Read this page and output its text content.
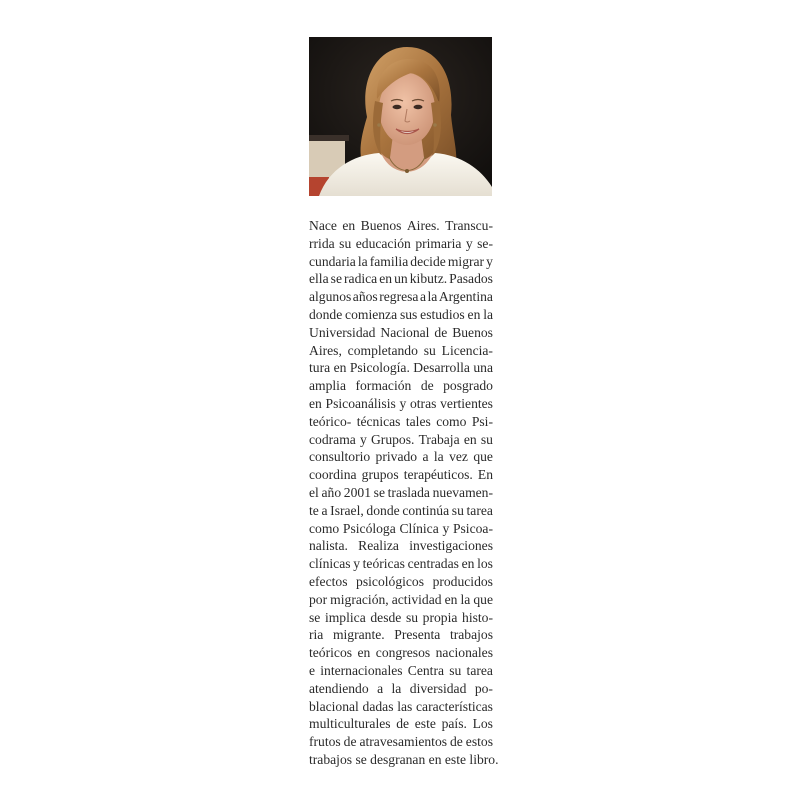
Nace en Buenos Aires. Transcu-
rrida su educación primaria y se-
cundaria la familia decide migrar y
ella se radica en un kibutz. Pasados
algunos años regresa a la Argentina
donde comienza sus estudios en la
Universidad Nacional de Buenos
Aires, completando su Licencia-
tura en Psicología. Desarrolla una
amplia formación de posgrado
en Psicoanálisis y otras vertientes
teórico- técnicas tales como Psi-
codrama y Grupos. Trabaja en su
consultorio privado a la vez que
coordina grupos terapéuticos. En
el año 2001 se traslada nuevamen-
te a Israel, donde continúa su tarea
como Psicóloga Clínica y Psicoa-
nalista. Realiza investigaciones
clínicas y teóricas centradas en los
efectos psicológicos producidos
por migración, actividad en la que
se implica desde su propia histo-
ria migrante. Presenta trabajos
teóricos en congresos nacionales
e internacionales Centra su tarea
atendiendo a la diversidad po-
blacional dadas las características
multiculturales de este país. Los
frutos de atravesamientos de estos
trabajos se desgranan en este libro.
